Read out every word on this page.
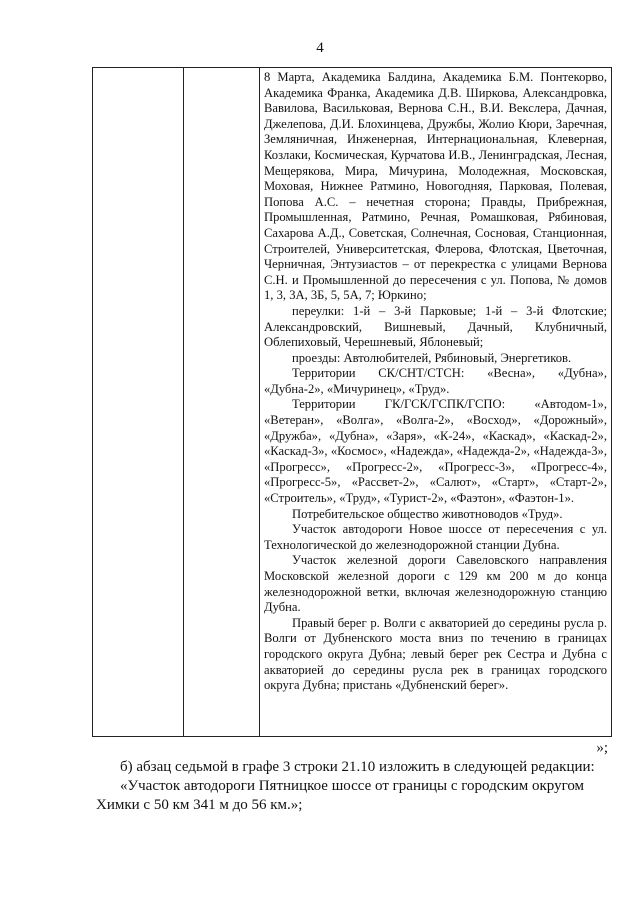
4

8 Марта, Академика Балдина, Академика Б.М. Понтекорво, Академика Франка, Академика Д.В. Ширкова, Александровка, Вавилова, Васильковая, Вернова С.Н., В.И. Векслера, Дачная, Джелепова, Д.И. Блохинцева, Дружбы, Жолио Кюри, Заречная, Земляничная, Инженерная, Интернациональная, Клеверная, Козлаки, Космическая, Курчатова И.В., Ленинградская, Лесная, Мещерякова, Мира, Мичурина, Молодежная, Московская, Моховая, Нижнее Ратмино, Новогодняя, Парковая, Полевая, Попова А.С. – нечетная сторона; Правды, Прибрежная, Промышленная, Ратмино, Речная, Ромашковая, Рябиновая, Сахарова А.Д., Советская, Солнечная, Сосновая, Станционная, Строителей, Университетская, Флерова, Флотская, Цветочная, Черничная, Энтузиастов – от перекрестка с улицами Вернова С.Н. и Промышленной до пересечения с ул. Попова, № домов 1, 3, 3А, 3Б, 5, 5А, 7; Юркино;

переулки: 1-й – 3-й Парковые; 1-й – 3-й Флотские; Александровский, Вишневый, Дачный, Клубничный, Облепиховый, Черешневый, Яблоневый;

проезды: Автолюбителей, Рябиновый, Энергетиков.

Территории СК/СНТ/СТСН: «Весна», «Дубна», «Дубна-2», «Мичуринец», «Труд».

Территории ГК/ГСК/ГСПК/ГСПО: «Автодом-1», «Ветеран», «Волга», «Волга-2», «Восход», «Дорожный», «Дружба», «Дубна», «Заря», «К-24», «Каскад», «Каскад-2», «Каскад-3», «Космос», «Надежда», «Надежда-2», «Надежда-3», «Прогресс», «Прогресс-2», «Прогресс-3», «Прогресс-4», «Прогресс-5», «Рассвет-2», «Салют», «Старт», «Старт-2», «Строитель», «Труд», «Турист-2», «Фаэтон», «Фаэтон-1».

Потребительское общество животноводов «Труд».

Участок автодороги Новое шоссе от пересечения с ул. Технологической до железнодорожной станции Дубна.

Участок железной дороги Савеловского направления Московской железной дороги с 129 км 200 м до конца железнодорожной ветки, включая железнодорожную станцию Дубна.

Правый берег р. Волги с акваторией до середины русла р. Волги от Дубненского моста вниз по течению в границах городского округа Дубна; левый берег рек Сестра и Дубна с акваторией до середины русла рек в границах городского округа Дубна; пристань «Дубненский берег».

»;
б) абзац седьмой в графе 3 строки 21.10 изложить в следующей редакции:
«Участок автодороги Пятницкое шоссе от границы с городским округом
Химки с 50 км 341 м до 56 км.»;
